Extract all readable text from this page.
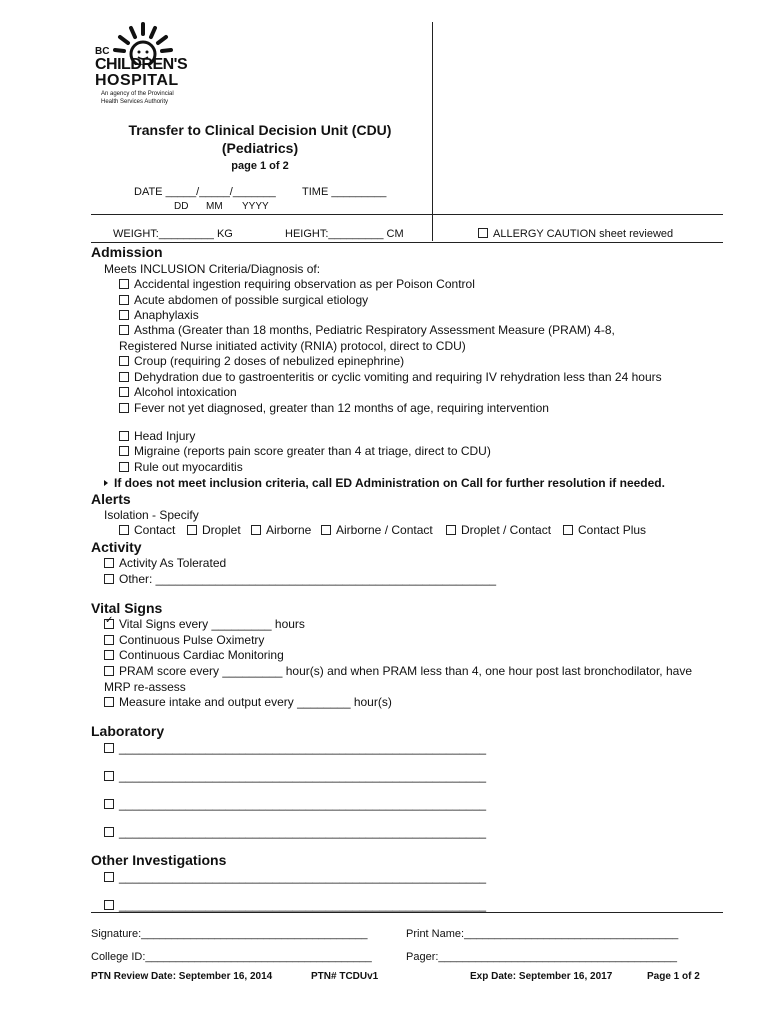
BC
CHILDREN'S
HOSPITAL
An agency of the Provincial
Health Services Authority
Transfer to Clinical Decision Unit (CDU)
(Pediatrics)
page 1 of 2
DATE _____/_____/_______ TIME _________
DD MM YYYY
WEIGHT:_________ KG	HEIGHT:_________ CM	ALLERGY CAUTION sheet reviewed
Admission
Meets INCLUSION Criteria/Diagnosis of:
Accidental ingestion requiring observation as per Poison Control
Acute abdomen of possible surgical etiology
Anaphylaxis
Asthma (Greater than 18 months, Pediatric Respiratory Assessment Measure (PRAM) 4-8,
Registered Nurse initiated activity (RNIA) protocol, direct to CDU)
Croup (requiring 2 doses of nebulized epinephrine)
Dehydration due to gastroenteritis or cyclic vomiting and requiring IV rehydration less than 24 hours
Alcohol intoxication
Fever not yet diagnosed, greater than 12 months of age, requiring intervention
Head Injury
Migraine (reports pain score greater than 4 at triage, direct to CDU)
Rule out myocarditis
If does not meet inclusion criteria, call ED Administration on Call for further resolution if needed.
Alerts
Isolation - Specify
Contact	Droplet	Airborne	Airborne / Contact	Droplet / Contact	Contact Plus
Activity
Activity As Tolerated
Other: ___________________________________________________
Vital Signs
✓Vital Signs every _________ hours
Continuous Pulse Oximetry
Continuous Cardiac Monitoring
PRAM score every _________ hour(s) and when PRAM less than 4, one hour post last bronchodilator, have
MRP re-assess
Measure intake and output every ________ hour(s)
Laboratory
_______________________________________________________
_______________________________________________________
_______________________________________________________
_______________________________________________________
Other Investigations
_______________________________________________________
_______________________________________________________
Signature:_____________________________________	Print Name:___________________________________
College ID:_____________________________________	Pager:_______________________________________
PTN Review Date: September 16, 2014	PTN# TCDUv1	Exp Date: September 16, 2017	Page 1 of 2
